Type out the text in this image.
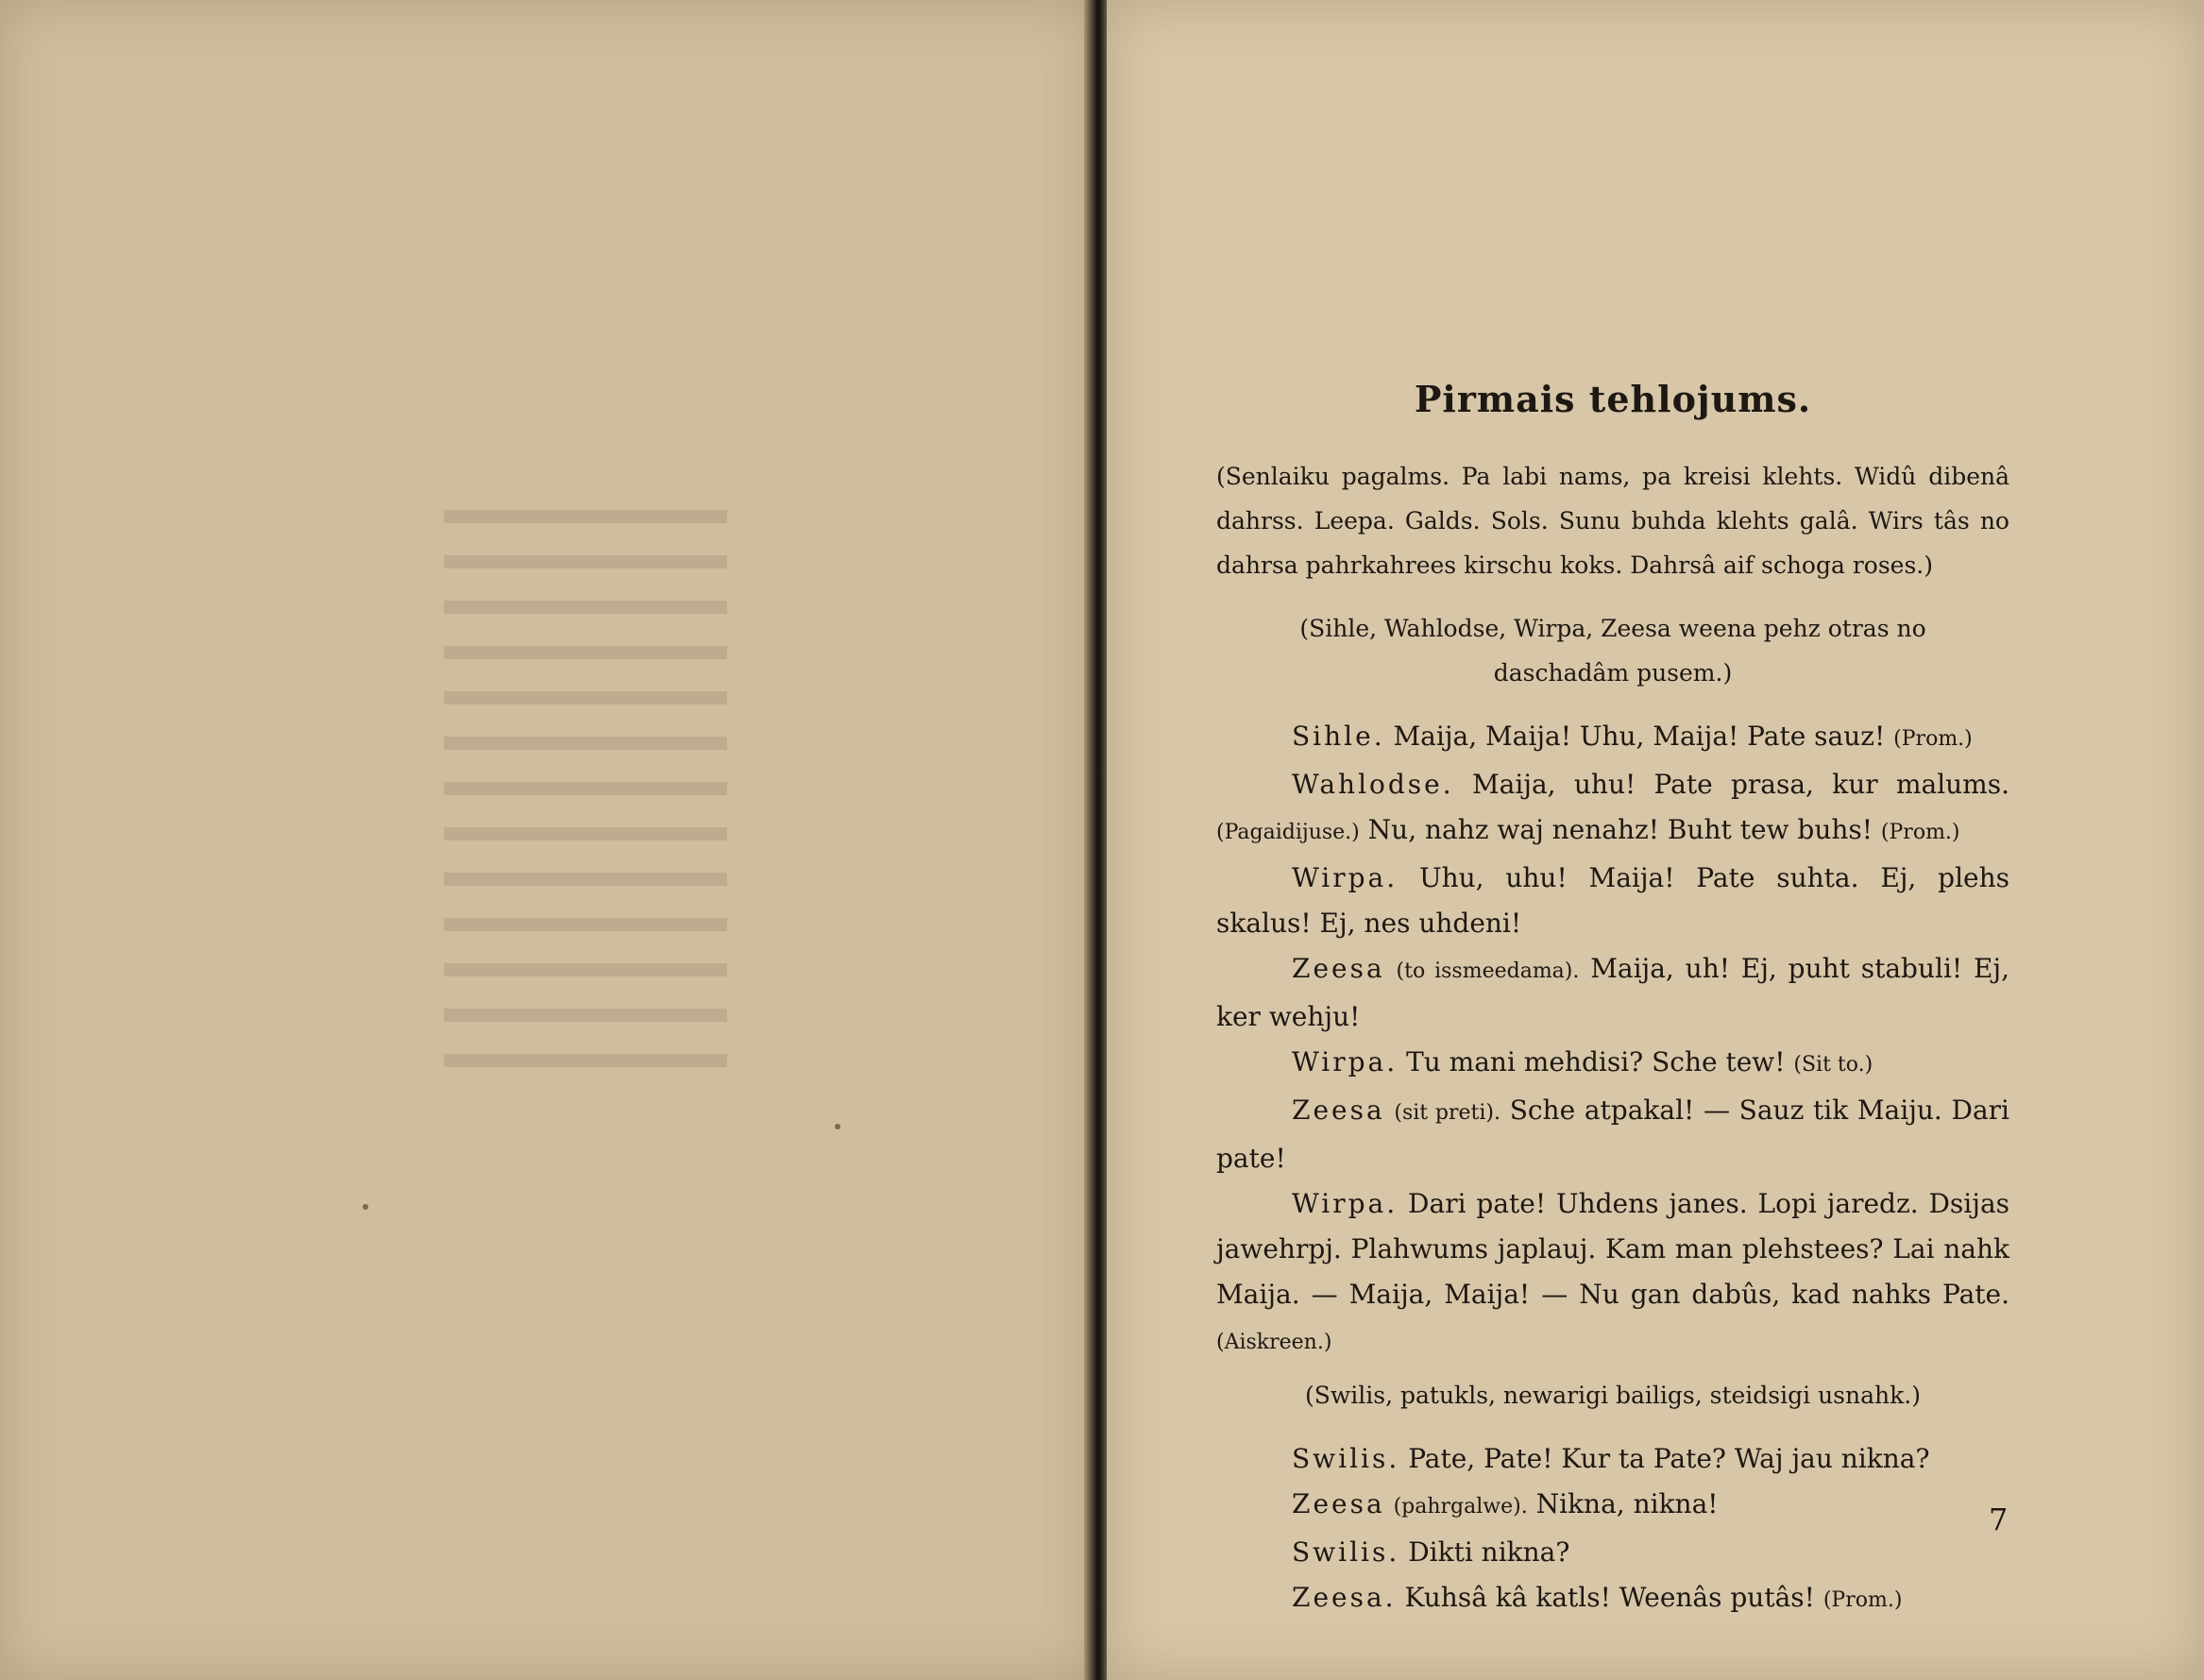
Pirmais tehlojums.

(Senlaiku pagalms. Pa labi nams, pa kreisi klehts. Widû dibenâ dahrss. Leepa. Galds. Sols. Sunu buhda klehts galâ. Wirs tâs no dahrsa pahrkahrees kirschu koks. Dahrsâ aif schoga roses.)

(Sihle, Wahlodse, Wirpa, Zeesa weena pehz otras no daschadâm pusem.)

Sihle. Maija, Maija! Uhu, Maija! Pate sauz! (Prom.)

Wahlodse. Maija, uhu! Pate prasa, kur malums. (Pagaidijuse.) Nu, nahz waj nenahz! Buht tew buhs! (Prom.)

Wirpa. Uhu, uhu! Maija! Pate suhta. Ej, plehs skalus! Ej, nes uhdeni!

Zeesa (to issmeedama). Maija, uh! Ej, puht stabuli! Ej, ker wehju!

Wirpa. Tu mani mehdisi? Sche tew! (Sit to.)

Zeesa (sit preti). Sche atpakal! — Sauz tik Maiju. Dari pate!

Wirpa. Dari pate! Uhdens janes. Lopi jaredz. Dsijas jawehrpj. Plahwums japlauj. Kam man plehstees? Lai nahk Maija. — Maija, Maija! — Nu gan dabûs, kad nahks Pate. (Aiskreen.)

(Swilis, patukls, newarigi bailigs, steidsigi usnahk.)

Swilis. Pate, Pate! Kur ta Pate? Waj jau nikna?

Zeesa (pahrgalwe). Nikna, nikna!

Swilis. Dikti nikna?

Zeesa. Kuhsâ kâ katls! Weenâs putâs! (Prom.)

7
